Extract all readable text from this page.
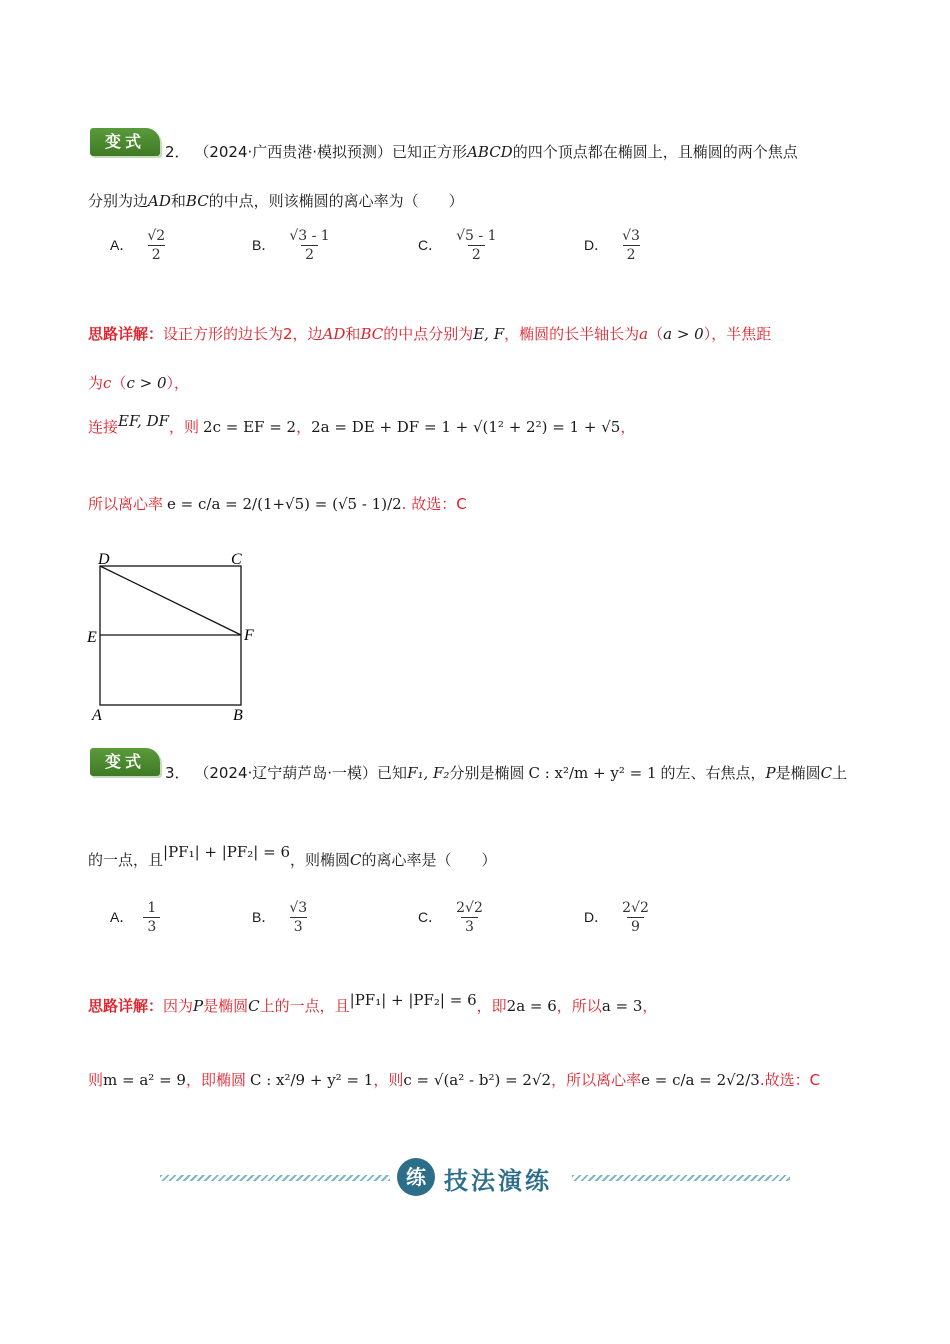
变式
2． （2024·广西贵港·模拟预测）已知正方形ABCD的四个顶点都在椭圆上，且椭圆的两个焦点
分别为边AD和BC的中点，则该椭圆的离心率为（　　）
A． $\frac{√2}{2}$	B． $\frac{√3 - 1}{2}$	C． $\frac{√5 - 1}{2}$	D． $\frac{√3}{2}$
思路详解：设正方形的边长为2，边AD和BC的中点分别为E, F，椭圆的长半轴长为a（a > 0），半焦距
为c（c > 0），
连接EF, DF，则 2c = EF = 2，2a = DE + DF = 1 + √(1² + 2²) = 1 + √5，
所以离心率 e = c/a = 2/(1+√5) = (√5 - 1)/2. 故选：C
D	C
E	F
A	B
变式
3． （2024·辽宁葫芦岛·一模）已知F₁, F₂分别是椭圆 C : x²/m + y² = 1 的左、右焦点，P是椭圆C上
的一点，且|PF₁| + |PF₂| = 6，则椭圆C的离心率是（　　）
A． $\frac{1}{3}$	B． $\frac{√3}{3}$	C． $\frac{2√2}{3}$	D． $\frac{2√2}{9}$
思路详解：因为P是椭圆C上的一点，且|PF₁| + |PF₂| = 6，即2a = 6，所以a = 3，
则m = a² = 9，即椭圆 C : x²/9 + y² = 1，则c = √(a² - b²) = 2√2，所以离心率e = c/a = 2√2/3.故选：C
练 技法演练
